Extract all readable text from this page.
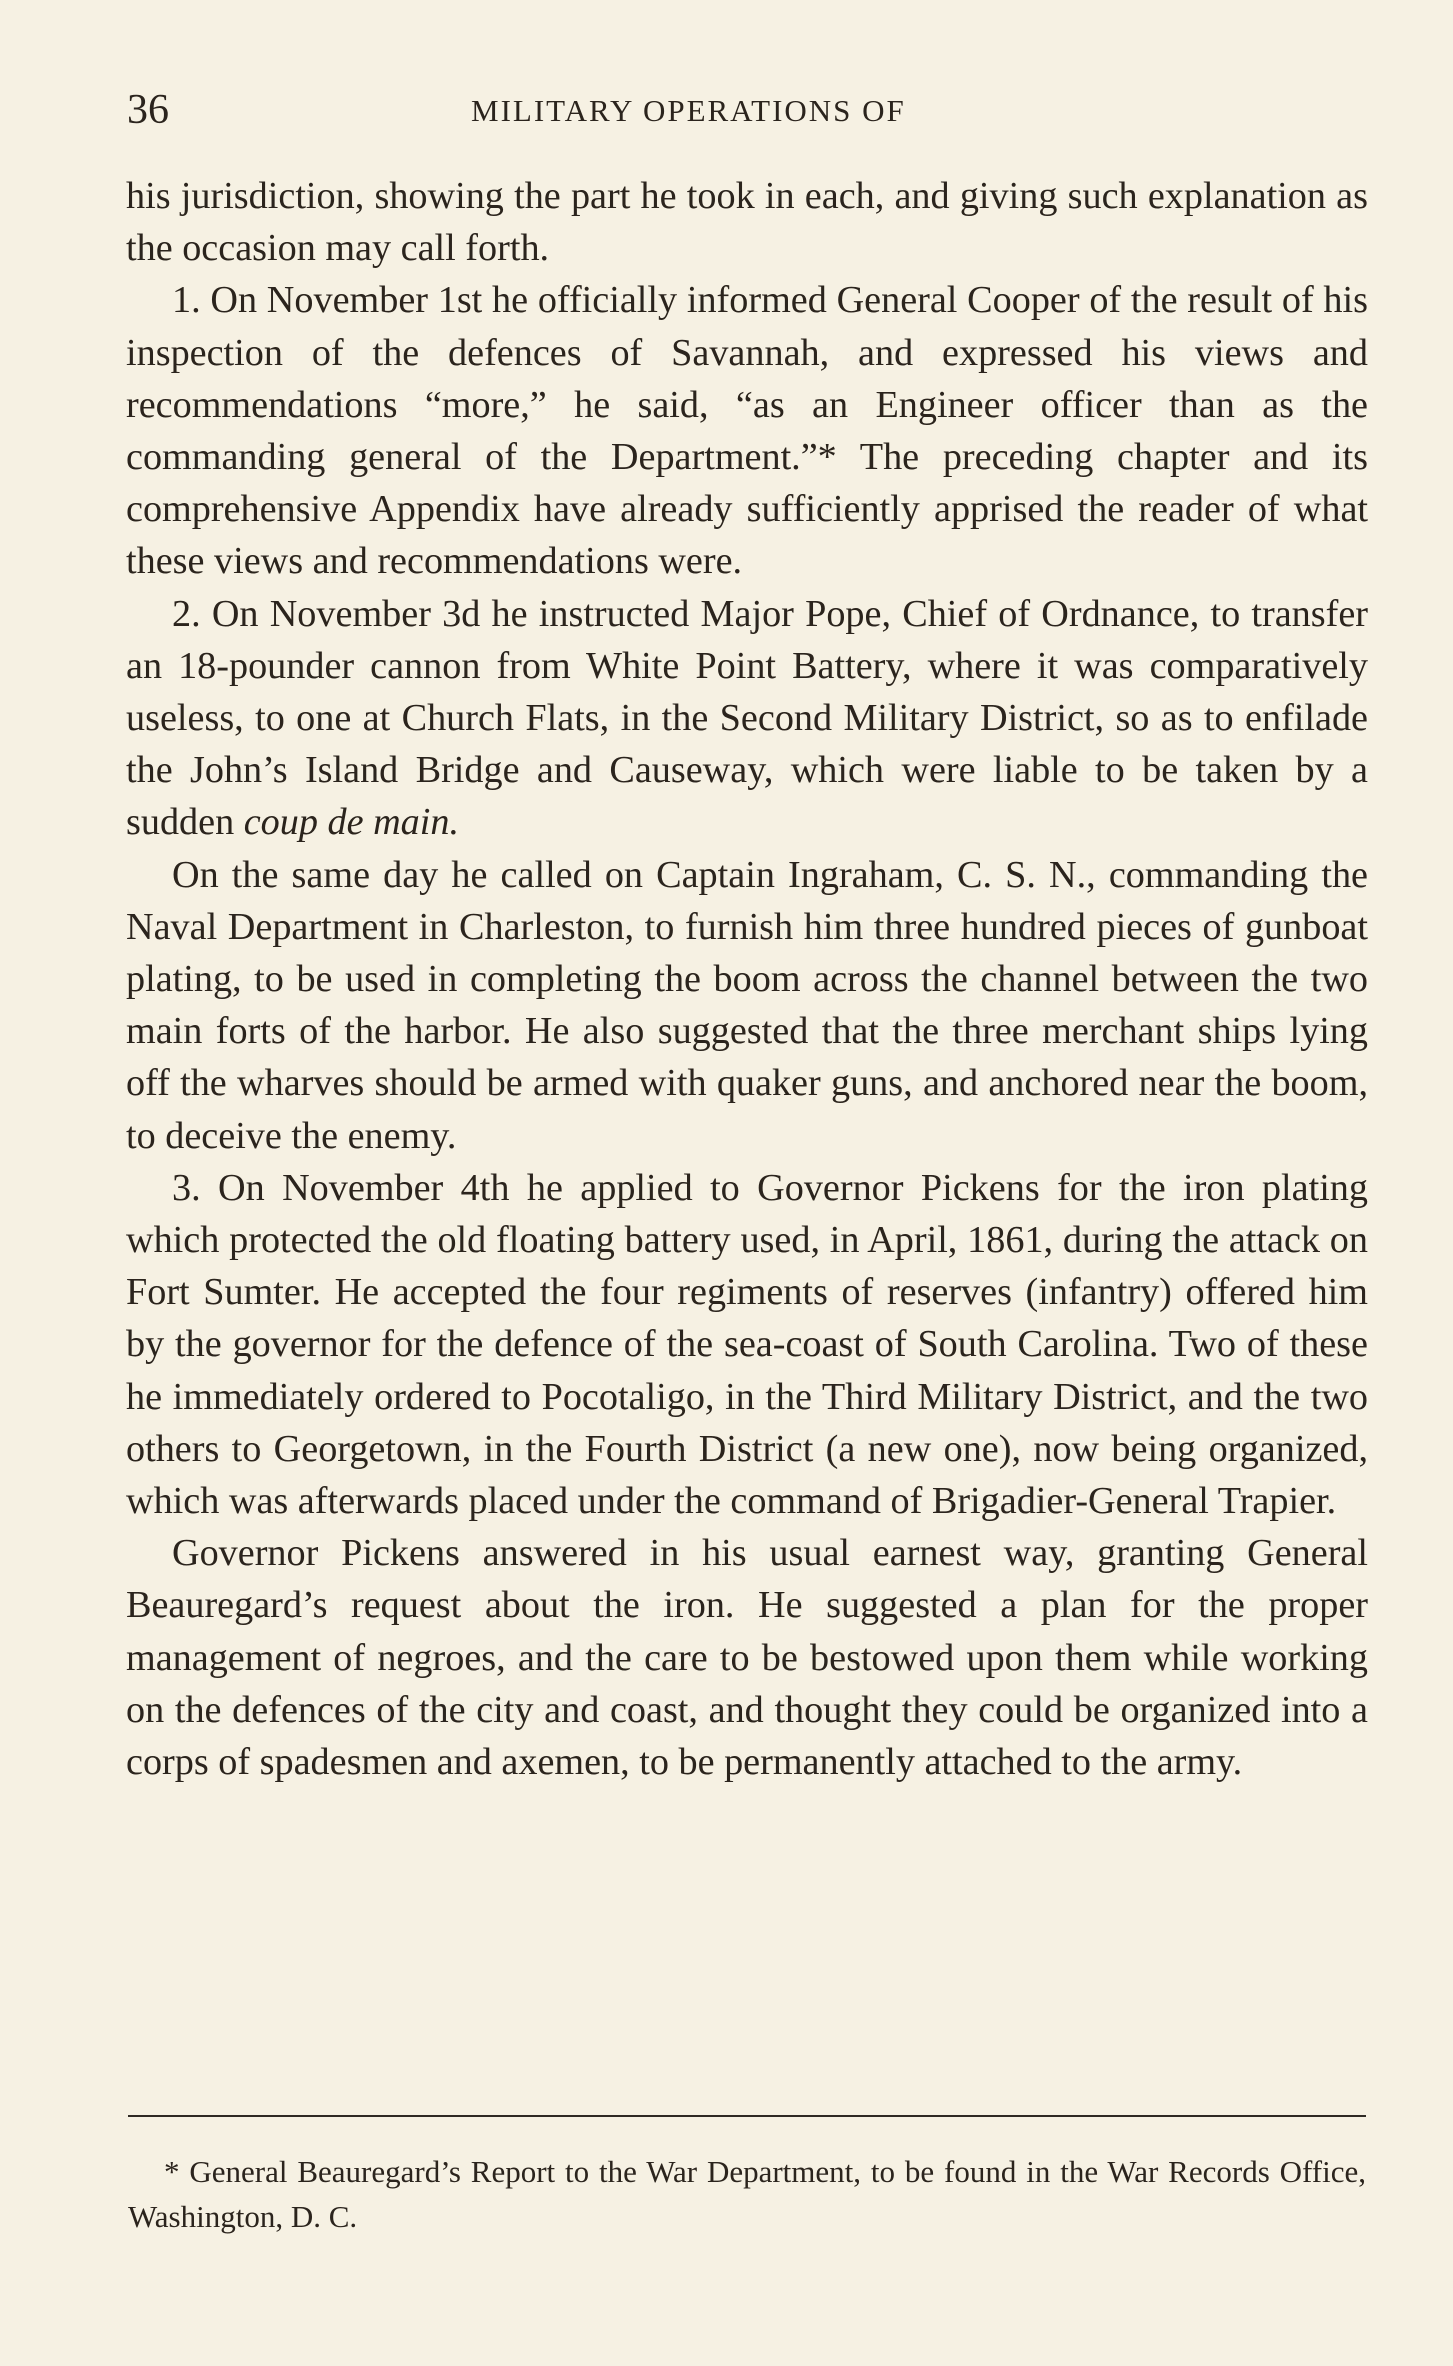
36	MILITARY OPERATIONS OF

his jurisdiction, showing the part he took in each, and giving such explanation as the occasion may call forth.

1. On November 1st he officially informed General Cooper of the result of his inspection of the defences of Savannah, and expressed his views and recommendations “more,” he said, “as an Engineer officer than as the commanding general of the Department.”* The preceding chapter and its comprehensive Appendix have already sufficiently apprised the reader of what these views and recommendations were.

2. On November 3d he instructed Major Pope, Chief of Ordnance, to transfer an 18-pounder cannon from White Point Battery, where it was comparatively useless, to one at Church Flats, in the Second Military District, so as to enfilade the John’s Island Bridge and Causeway, which were liable to be taken by a sudden coup de main.

On the same day he called on Captain Ingraham, C. S. N., commanding the Naval Department in Charleston, to furnish him three hundred pieces of gunboat plating, to be used in completing the boom across the channel between the two main forts of the harbor. He also suggested that the three merchant ships lying off the wharves should be armed with quaker guns, and anchored near the boom, to deceive the enemy.

3. On November 4th he applied to Governor Pickens for the iron plating which protected the old floating battery used, in April, 1861, during the attack on Fort Sumter. He accepted the four regiments of reserves (infantry) offered him by the governor for the defence of the sea-coast of South Carolina. Two of these he immediately ordered to Pocotaligo, in the Third Military District, and the two others to Georgetown, in the Fourth District (a new one), now being organized, which was afterwards placed under the command of Brigadier-General Trapier.

Governor Pickens answered in his usual earnest way, granting General Beauregard’s request about the iron. He suggested a plan for the proper management of negroes, and the care to be bestowed upon them while working on the defences of the city and coast, and thought they could be organized into a corps of spadesmen and axemen, to be permanently attached to the army.

* General Beauregard’s Report to the War Department, to be found in the War Records Office, Washington, D. C.
